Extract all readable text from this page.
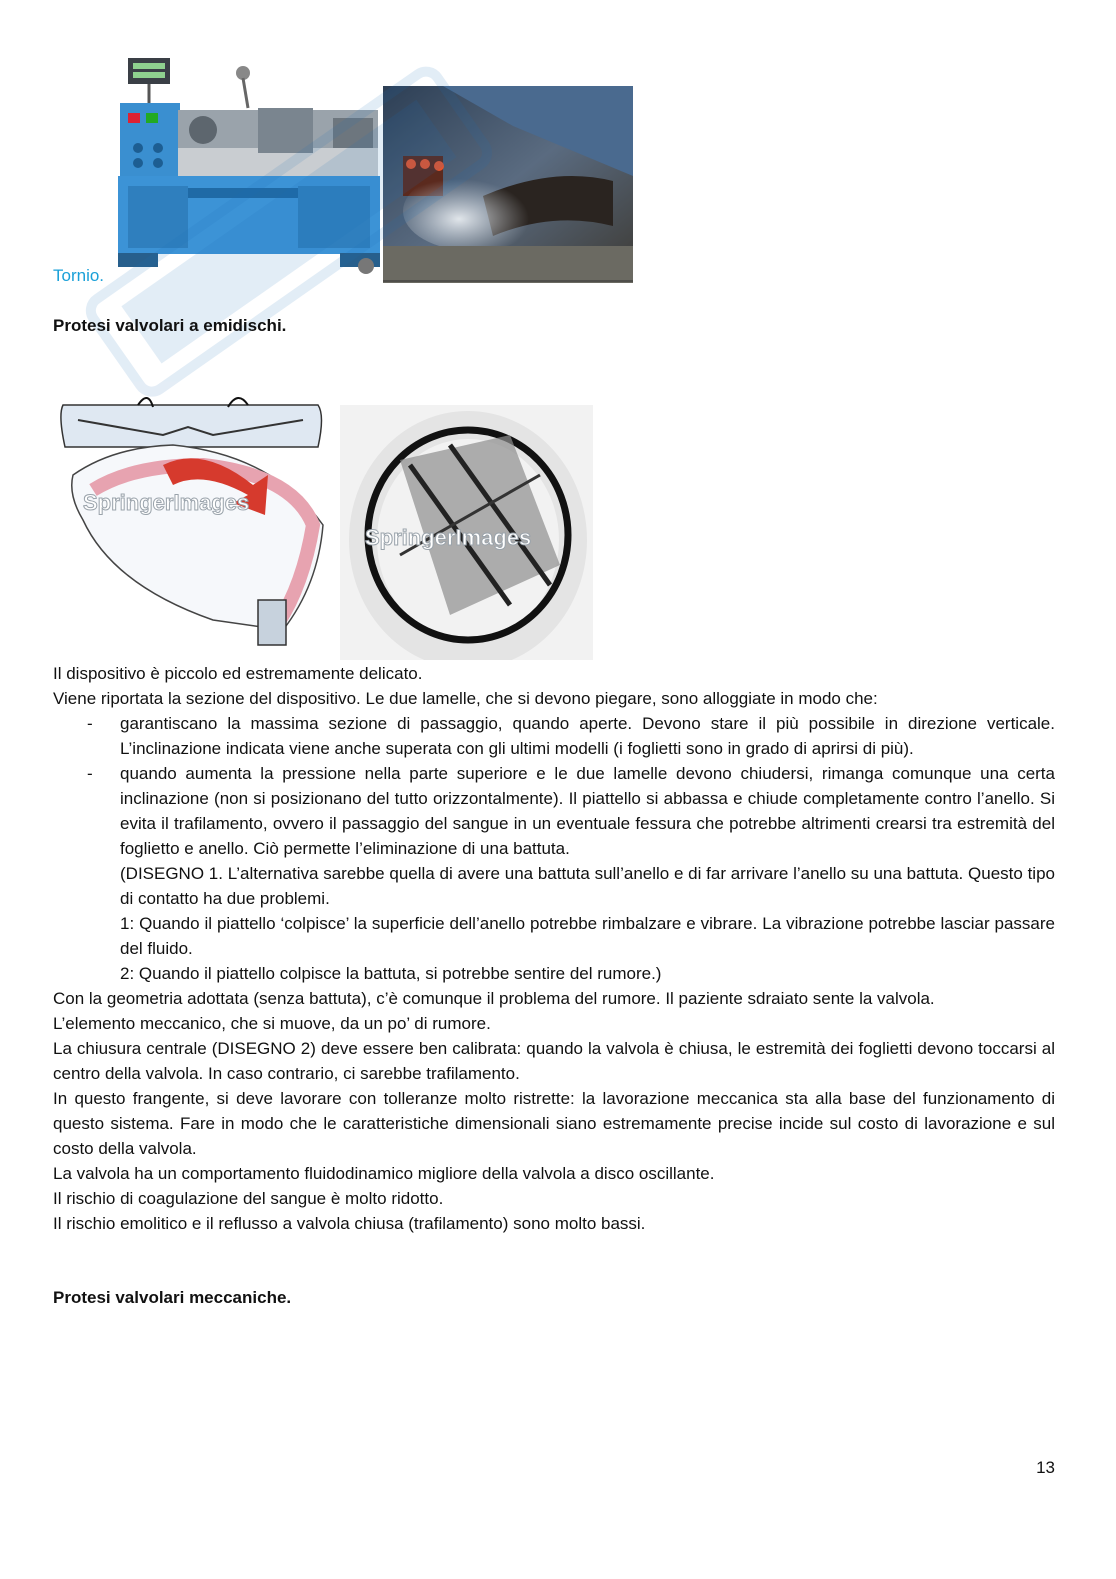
Tornio.
Protesi valvolari a emidischi.
SpringerImages
SpringerImages

Il dispositivo è piccolo ed estremamente delicato.

Viene riportata la sezione del dispositivo. Le due lamelle, che si devono piegare, sono alloggiate in modo che:

- garantiscano la massima sezione di passaggio, quando aperte. Devono stare il più possibile in direzione verticale. L’inclinazione indicata viene anche superata con gli ultimi modelli (i foglietti sono in grado di aprirsi di più).
- quando aumenta la pressione nella parte superiore e le due lamelle devono chiudersi, rimanga comunque una certa inclinazione (non si posizionano del tutto orizzontalmente). Il piattello si abbassa e chiude completamente contro l’anello. Si evita il trafilamento, ovvero il passaggio del sangue in un eventuale fessura che potrebbe altrimenti crearsi tra estremità del foglietto e anello. Ciò permette l’eliminazione di una battuta.
(DISEGNO 1. L’alternativa sarebbe quella di avere una battuta sull’anello e di far arrivare l’anello su una battuta. Questo tipo di contatto ha due problemi.
1: Quando il piattello ‘colpisce’ la superficie dell’anello potrebbe rimbalzare e vibrare. La vibrazione potrebbe lasciar passare del fluido.
2: Quando il piattello colpisce la battuta, si potrebbe sentire del rumore.)

Con la geometria adottata (senza battuta), c’è comunque il problema del rumore. Il paziente sdraiato sente la valvola.

L’elemento meccanico, che si muove, da un po’ di rumore.

La chiusura centrale (DISEGNO 2) deve essere ben calibrata: quando la valvola è chiusa, le estremità dei foglietti devono toccarsi al centro della valvola. In caso contrario, ci sarebbe trafilamento.

In questo frangente, si deve lavorare con tolleranze molto ristrette: la lavorazione meccanica sta alla base del funzionamento di questo sistema. Fare in modo che le caratteristiche dimensionali siano estremamente precise incide sul costo di lavorazione e sul costo della valvola.

La valvola ha un comportamento fluidodinamico migliore della valvola a disco oscillante.

Il rischio di coagulazione del sangue è molto ridotto.

Il rischio emolitico e il reflusso a valvola chiusa (trafilamento) sono molto bassi.

Protesi valvolari meccaniche.
13
